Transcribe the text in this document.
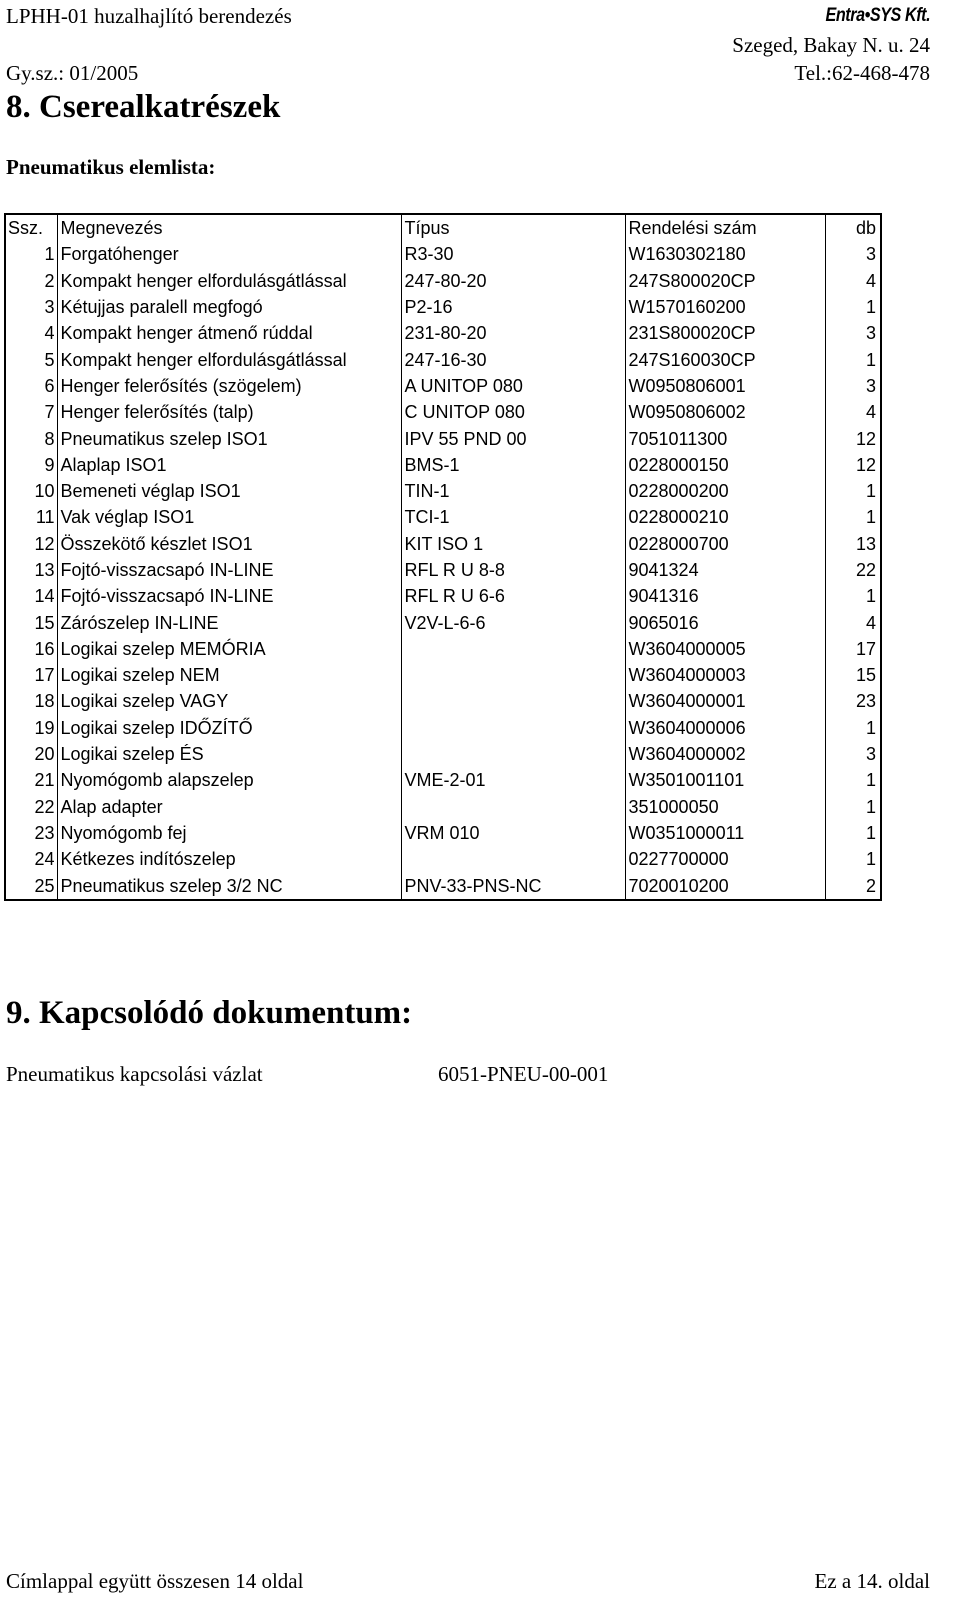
LPHH-01 huzalhajlító berendezés
Gy.sz.: 01/2005
Entra•SYS Kft.
Szeged, Bakay N. u. 24
Tel.:62-468-478
8. Cserealkatrészek
Pneumatikus elemlista:
Ssz.	Megnevezés	Típus	Rendelési szám	db
1	Forgatóhenger	R3-30	W1630302180	3
2	Kompakt henger elfordulásgátlással	247-80-20	247S800020CP	4
3	Kétujjas paralell megfogó	P2-16	W1570160200	1
4	Kompakt henger átmenő rúddal	231-80-20	231S800020CP	3
5	Kompakt henger elfordulásgátlással	247-16-30	247S160030CP	1
6	Henger felerősítés (szögelem)	A UNITOP 080	W0950806001	3
7	Henger felerősítés (talp)	C UNITOP 080	W0950806002	4
8	Pneumatikus szelep ISO1	IPV 55 PND 00	7051011300	12
9	Alaplap ISO1	BMS-1	0228000150	12
10	Bemeneti véglap ISO1	TIN-1	0228000200	1
11	Vak véglap ISO1	TCI-1	0228000210	1
12	Összekötő készlet ISO1	KIT ISO 1	0228000700	13
13	Fojtó-visszacsapó IN-LINE	RFL R U 8-8	9041324	22
14	Fojtó-visszacsapó IN-LINE	RFL R U 6-6	9041316	1
15	Zárószelep IN-LINE	V2V-L-6-6	9065016	4
16	Logikai szelep MEMÓRIA		W3604000005	17
17	Logikai szelep NEM		W3604000003	15
18	Logikai szelep VAGY		W3604000001	23
19	Logikai szelep IDŐZÍTŐ		W3604000006	1
20	Logikai szelep ÉS		W3604000002	3
21	Nyomógomb alapszelep	VME-2-01	W3501001101	1
22	Alap adapter		351000050	1
23	Nyomógomb fej	VRM 010	W0351000011	1
24	Kétkezes indítószelep		0227700000	1
25	Pneumatikus szelep 3/2 NC	PNV-33-PNS-NC	7020010200	2
9. Kapcsolódó dokumentum:
Pneumatikus kapcsolási vázlat	6051-PNEU-00-001
Címlappal együtt összesen 14 oldal	Ez a 14. oldal
